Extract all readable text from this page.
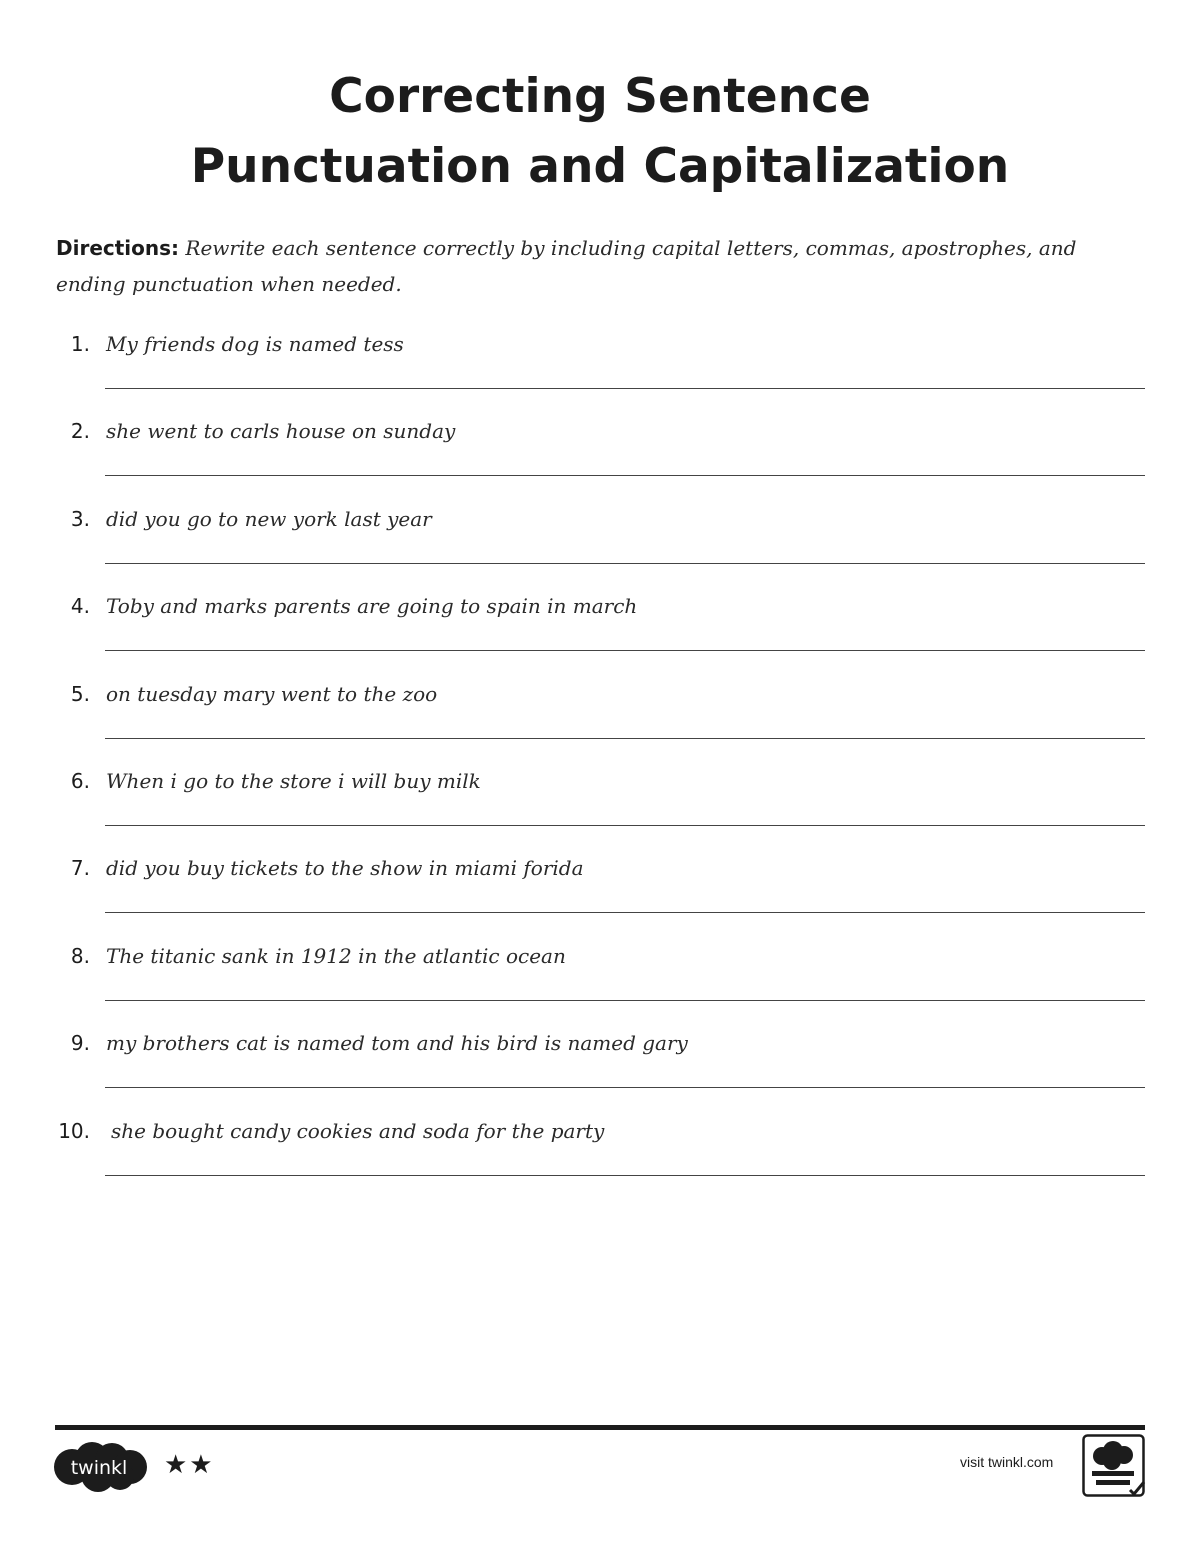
Correcting Sentence
Punctuation and Capitalization
Directions: Rewrite each sentence correctly by including capital letters, commas, apostrophes, and ending punctuation when needed.
1. My friends dog is named tess
2. she went to carls house on sunday
3. did you go to new york last year
4. Toby and marks parents are going to spain in march
5. on tuesday mary went to the zoo
6. When i go to the store i will buy milk
7. did you buy tickets to the show in miami forida
8. The titanic sank in 1912 in the atlantic ocean
9. my brothers cat is named tom and his bird is named gary
10. she bought candy cookies and soda for the party
twinkl ★★	visit twinkl.com
